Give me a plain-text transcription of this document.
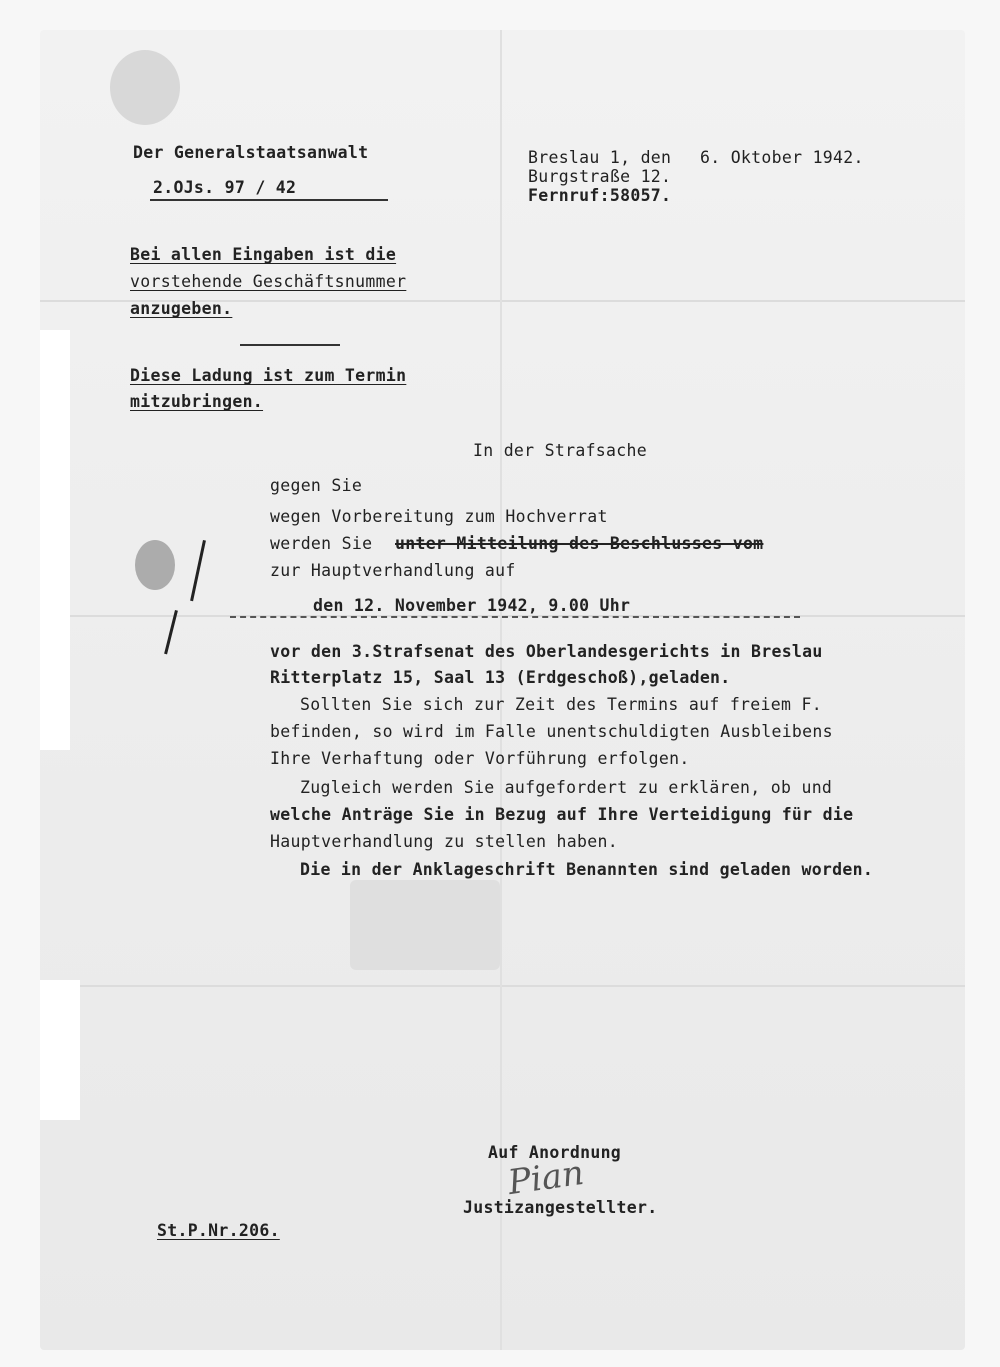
Der Generalstaatsanwalt
2.OJs. 97 / 42
Breslau 1, den 6. Oktober 1942.
Burgstraße 12.
Fernruf:58057.
Bei allen Eingaben ist die
vorstehende Geschäftsnummer
anzugeben.
Diese Ladung ist zum Termin
mitzubringen.
In der Strafsache
gegen Sie
wegen Vorbereitung zum Hochverrat
werden Sie unter Mitteilung des Beschlusses vom
zur Hauptverhandlung auf
den 12. November 1942, 9.00 Uhr
vor den 3.Strafsenat des Oberlandesgerichts in Breslau
Ritterplatz 15, Saal 13 (Erdgeschoß),geladen.
Sollten Sie sich zur Zeit des Termins auf freiem F.
befinden, so wird im Falle unentschuldigten Ausbleibens
Ihre Verhaftung oder Vorführung erfolgen.
Zugleich werden Sie aufgefordert zu erklären, ob und
welche Anträge Sie in Bezug auf Ihre Verteidigung für die
Hauptverhandlung zu stellen haben.
Die in der Anklageschrift Benannten sind geladen worden.
Auf Anordnung
Pian
Justizangestellter.
St.P.Nr.206.
